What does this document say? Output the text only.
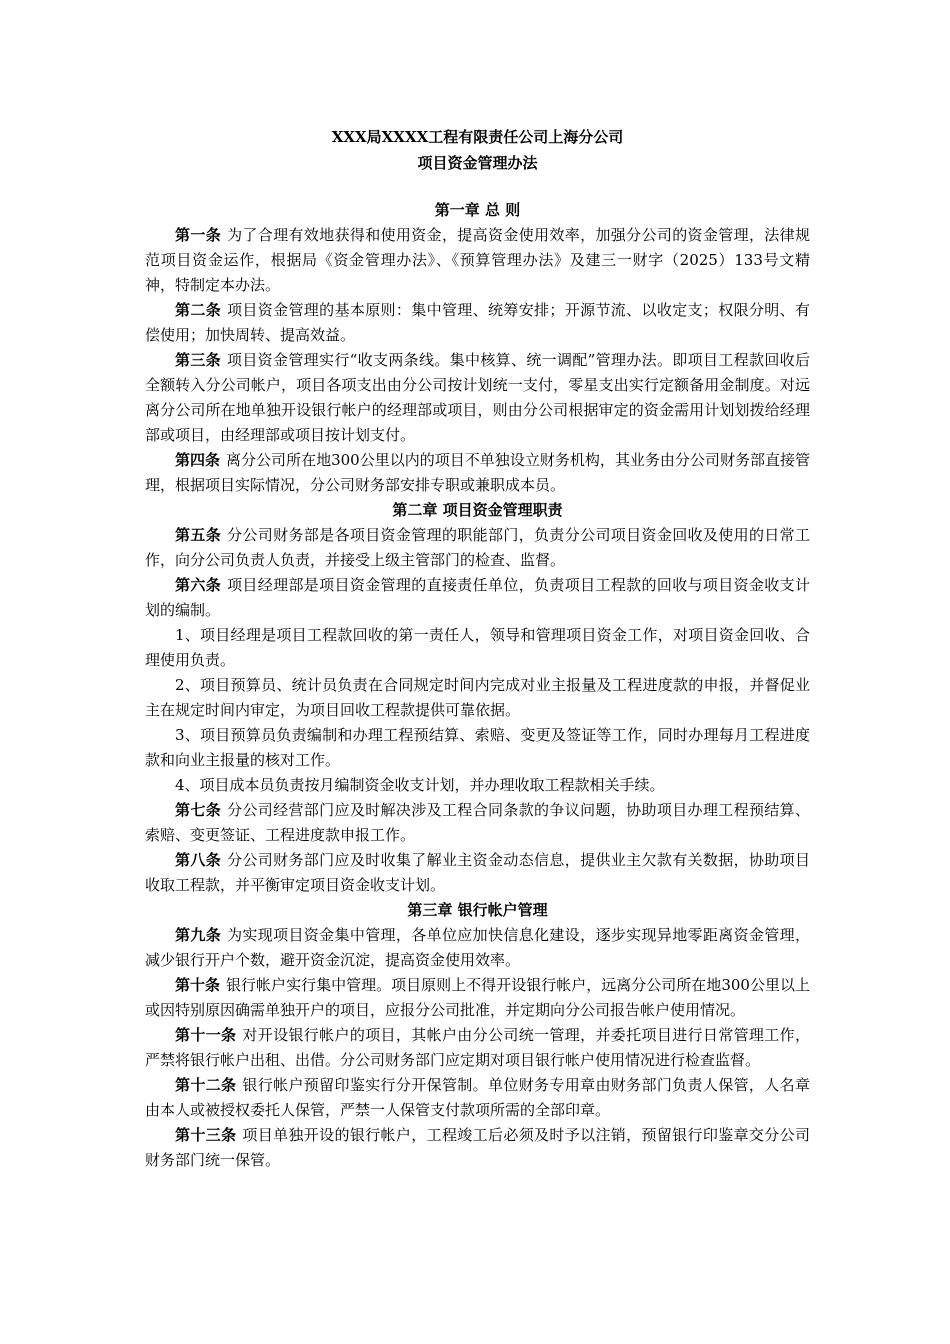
XXX局XXXX工程有限责任公司上海分公司

项目资金管理办法

第一章 总 则

第一条 为了合理有效地获得和使用资金，提高资金使用效率，加强分公司的资金管理，法律规范项目资金运作，根据局《资金管理办法》、《预算管理办法》及建三一财字（2025）133号文精神，特制定本办法。

第二条 项目资金管理的基本原则：集中管理、统筹安排；开源节流、以收定支；权限分明、有偿使用；加快周转、提高效益。

第三条 项目资金管理实行“收支两条线。集中核算、统一调配”管理办法。即项目工程款回收后全额转入分公司帐户，项目各项支出由分公司按计划统一支付，零星支出实行定额备用金制度。对远离分公司所在地单独开设银行帐户的经理部或项目，则由分公司根据审定的资金需用计划划拨给经理部或项目，由经理部或项目按计划支付。

第四条 离分公司所在地300公里以内的项目不单独设立财务机构，其业务由分公司财务部直接管理，根据项目实际情况，分公司财务部安排专职或兼职成本员。

第二章 项目资金管理职责

第五条 分公司财务部是各项目资金管理的职能部门，负责分公司项目资金回收及使用的日常工作，向分公司负责人负责，并接受上级主管部门的检查、监督。

第六条 项目经理部是项目资金管理的直接责任单位，负责项目工程款的回收与项目资金收支计划的编制。

1、项目经理是项目工程款回收的第一责任人，领导和管理项目资金工作，对项目资金回收、合理使用负责。

2、项目预算员、统计员负责在合同规定时间内完成对业主报量及工程进度款的申报，并督促业主在规定时间内审定，为项目回收工程款提供可靠依据。

3、项目预算员负责编制和办理工程预结算、索赔、变更及签证等工作，同时办理每月工程进度款和向业主报量的核对工作。

4、项目成本员负责按月编制资金收支计划，并办理收取工程款相关手续。

第七条 分公司经营部门应及时解决涉及工程合同条款的争议问题，协助项目办理工程预结算、索赔、变更签证、工程进度款申报工作。

第八条 分公司财务部门应及时收集了解业主资金动态信息，提供业主欠款有关数据，协助项目收取工程款，并平衡审定项目资金收支计划。

第三章 银行帐户管理

第九条 为实现项目资金集中管理，各单位应加快信息化建设，逐步实现异地零距离资金管理，减少银行开户个数，避开资金沉淀，提高资金使用效率。

第十条 银行帐户实行集中管理。项目原则上不得开设银行帐户，远离分公司所在地300公里以上或因特别原因确需单独开户的项目，应报分公司批准，并定期向分公司报告帐户使用情况。

第十一条 对开设银行帐户的项目，其帐户由分公司统一管理，并委托项目进行日常管理工作，严禁将银行帐户出租、出借。分公司财务部门应定期对项目银行帐户使用情况进行检查监督。

第十二条 银行帐户预留印鉴实行分开保管制。单位财务专用章由财务部门负责人保管，人名章由本人或被授权委托人保管，严禁一人保管支付款项所需的全部印章。

第十三条 项目单独开设的银行帐户，工程竣工后必须及时予以注销，预留银行印鉴章交分公司财务部门统一保管。
